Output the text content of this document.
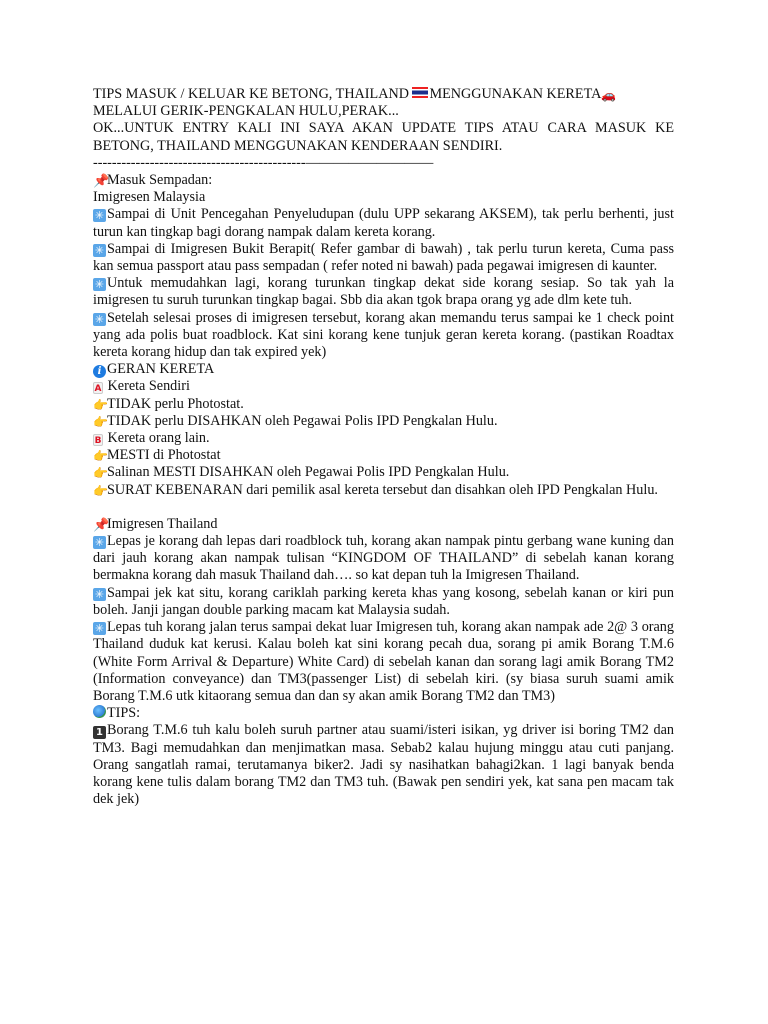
TIPS MASUK / KELUAR KE BETONG, THAILAND MENGGUNAKAN KERETA🚗

MELALUI GERIK-PENGKALAN HULU,PERAK...

OK...UNTUK ENTRY KALI INI SAYA AKAN UPDATE TIPS ATAU CARA MASUK KE BETONG, THAILAND MENGGUNAKAN KENDERAAN SENDIRI.

---------------------------------------------—————————

📌Masuk Sempadan:

Imigresen Malaysia

✳ Sampai di Unit Pencegahan Penyeludupan (dulu UPP sekarang AKSEM), tak perlu berhenti, just turun kan tingkap bagi dorang nampak dalam kereta korang.

✳ Sampai di Imigresen Bukit Berapit( Refer gambar di bawah) , tak perlu turun kereta, Cuma pass kan semua passport atau pass sempadan ( refer noted ni bawah) pada pegawai imigresen di kaunter.

✳ Untuk memudahkan lagi, korang turunkan tingkap dekat side korang sesiap. So tak yah la imigresen tu suruh turunkan tingkap bagai. Sbb dia akan tgok brapa orang yg ade dlm kete tuh.

✳ Setelah selesai proses di imigresen tersebut, korang akan memandu terus sampai ke 1 check point yang ada polis buat roadblock. Kat sini korang kene tunjuk geran kereta korang. (pastikan Roadtax kereta korang hidup dan tak expired yek)

i GERAN KERETA

A Kereta Sendiri

👉TIDAK perlu Photostat.

👉TIDAK perlu DISAHKAN oleh Pegawai Polis IPD Pengkalan Hulu.

B Kereta orang lain.

👉MESTI di Photostat

👉Salinan MESTI DISAHKAN oleh Pegawai Polis IPD Pengkalan Hulu.

👉SURAT KEBENARAN dari pemilik asal kereta tersebut dan disahkan oleh IPD Pengkalan Hulu.

📌Imigresen Thailand

✳ Lepas je korang dah lepas dari roadblock tuh, korang akan nampak pintu gerbang wane kuning dan dari jauh korang akan nampak tulisan “KINGDOM OF THAILAND” di sebelah kanan korang bermakna korang dah masuk Thailand dah…. so kat depan tuh la Imigresen Thailand.

✳ Sampai jek kat situ, korang cariklah parking kereta khas yang kosong, sebelah kanan or kiri pun boleh. Janji jangan double parking macam kat Malaysia sudah.

✳ Lepas tuh korang jalan terus sampai dekat luar Imigresen tuh, korang akan nampak ade 2@ 3 orang Thailand duduk kat kerusi. Kalau boleh kat sini korang pecah dua, sorang pi amik Borang T.M.6 (White Form Arrival & Departure) White Card) di sebelah kanan dan sorang lagi amik Borang TM2 (Information conveyance) dan TM3(passenger List) di sebelah kiri. (sy biasa suruh suami amik Borang T.M.6 utk kitaorang semua dan dan sy akan amik Borang TM2 dan TM3)

TIPS:

1 Borang T.M.6 tuh kalu boleh suruh partner atau suami/isteri isikan, yg driver isi boring TM2 dan TM3. Bagi memudahkan dan menjimatkan masa. Sebab2 kalau hujung minggu atau cuti panjang. Orang sangatlah ramai, terutamanya biker2. Jadi sy nasihatkan bahagi2kan. 1 lagi banyak benda korang kene tulis dalam borang TM2 dan TM3 tuh. (Bawak pen sendiri yek, kat sana pen macam tak dek jek)
